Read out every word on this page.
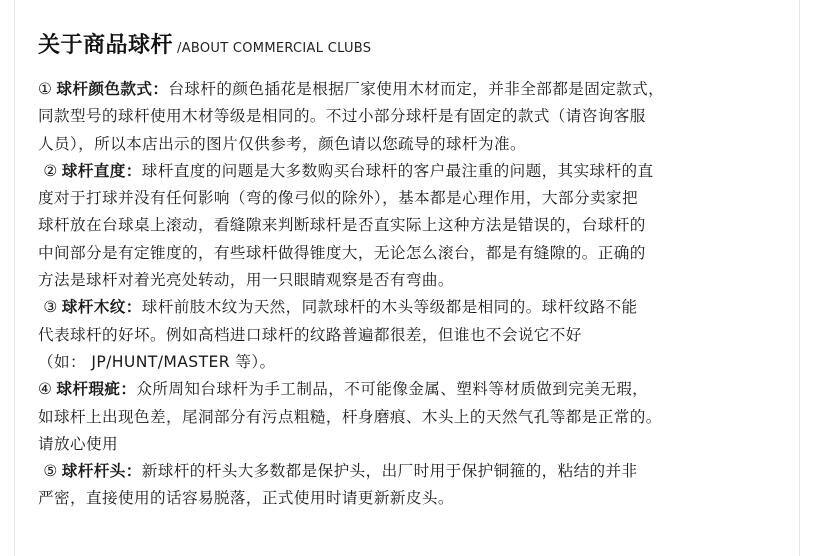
关于商品球杆 /ABOUT COMMERCIAL CLUBS
① 球杆颜色款式：台球杆的颜色插花是根据厂家使用木材而定，并非全部都是固定款式，
同款型号的球杆使用木材等级是相同的。不过小部分球杆是有固定的款式（请咨询客服
人员），所以本店出示的图片仅供参考，颜色请以您疏导的球杆为准。
② 球杆直度：球杆直度的问题是大多数购买台球杆的客户最注重的问题，其实球杆的直
度对于打球并没有任何影响（弯的像弓似的除外），基本都是心理作用，大部分卖家把
球杆放在台球桌上滚动，看缝隙来判断球杆是否直实际上这种方法是错误的，台球杆的
中间部分是有定锥度的，有些球杆做得锥度大，无论怎么滚台，都是有缝隙的。正确的
方法是球杆对着光亮处转动，用一只眼睛观察是否有弯曲。
③ 球杆木纹：球杆前肢木纹为天然，同款球杆的木头等级都是相同的。球杆纹路不能
代表球杆的好坏。例如高档进口球杆的纹路普遍都很差，但谁也不会说它不好
（如： JP/HUNT/MASTER 等）。
④ 球杆瑕疵：众所周知台球杆为手工制品，不可能像金属、塑料等材质做到完美无瑕，
如球杆上出现色差，尾洞部分有污点粗糙，杆身磨痕、木头上的天然气孔等都是正常的。
请放心使用
⑤ 球杆杆头：新球杆的杆头大多数都是保护头，出厂时用于保护铜箍的，粘结的并非
严密，直接使用的话容易脱落，正式使用时请更新新皮头。
